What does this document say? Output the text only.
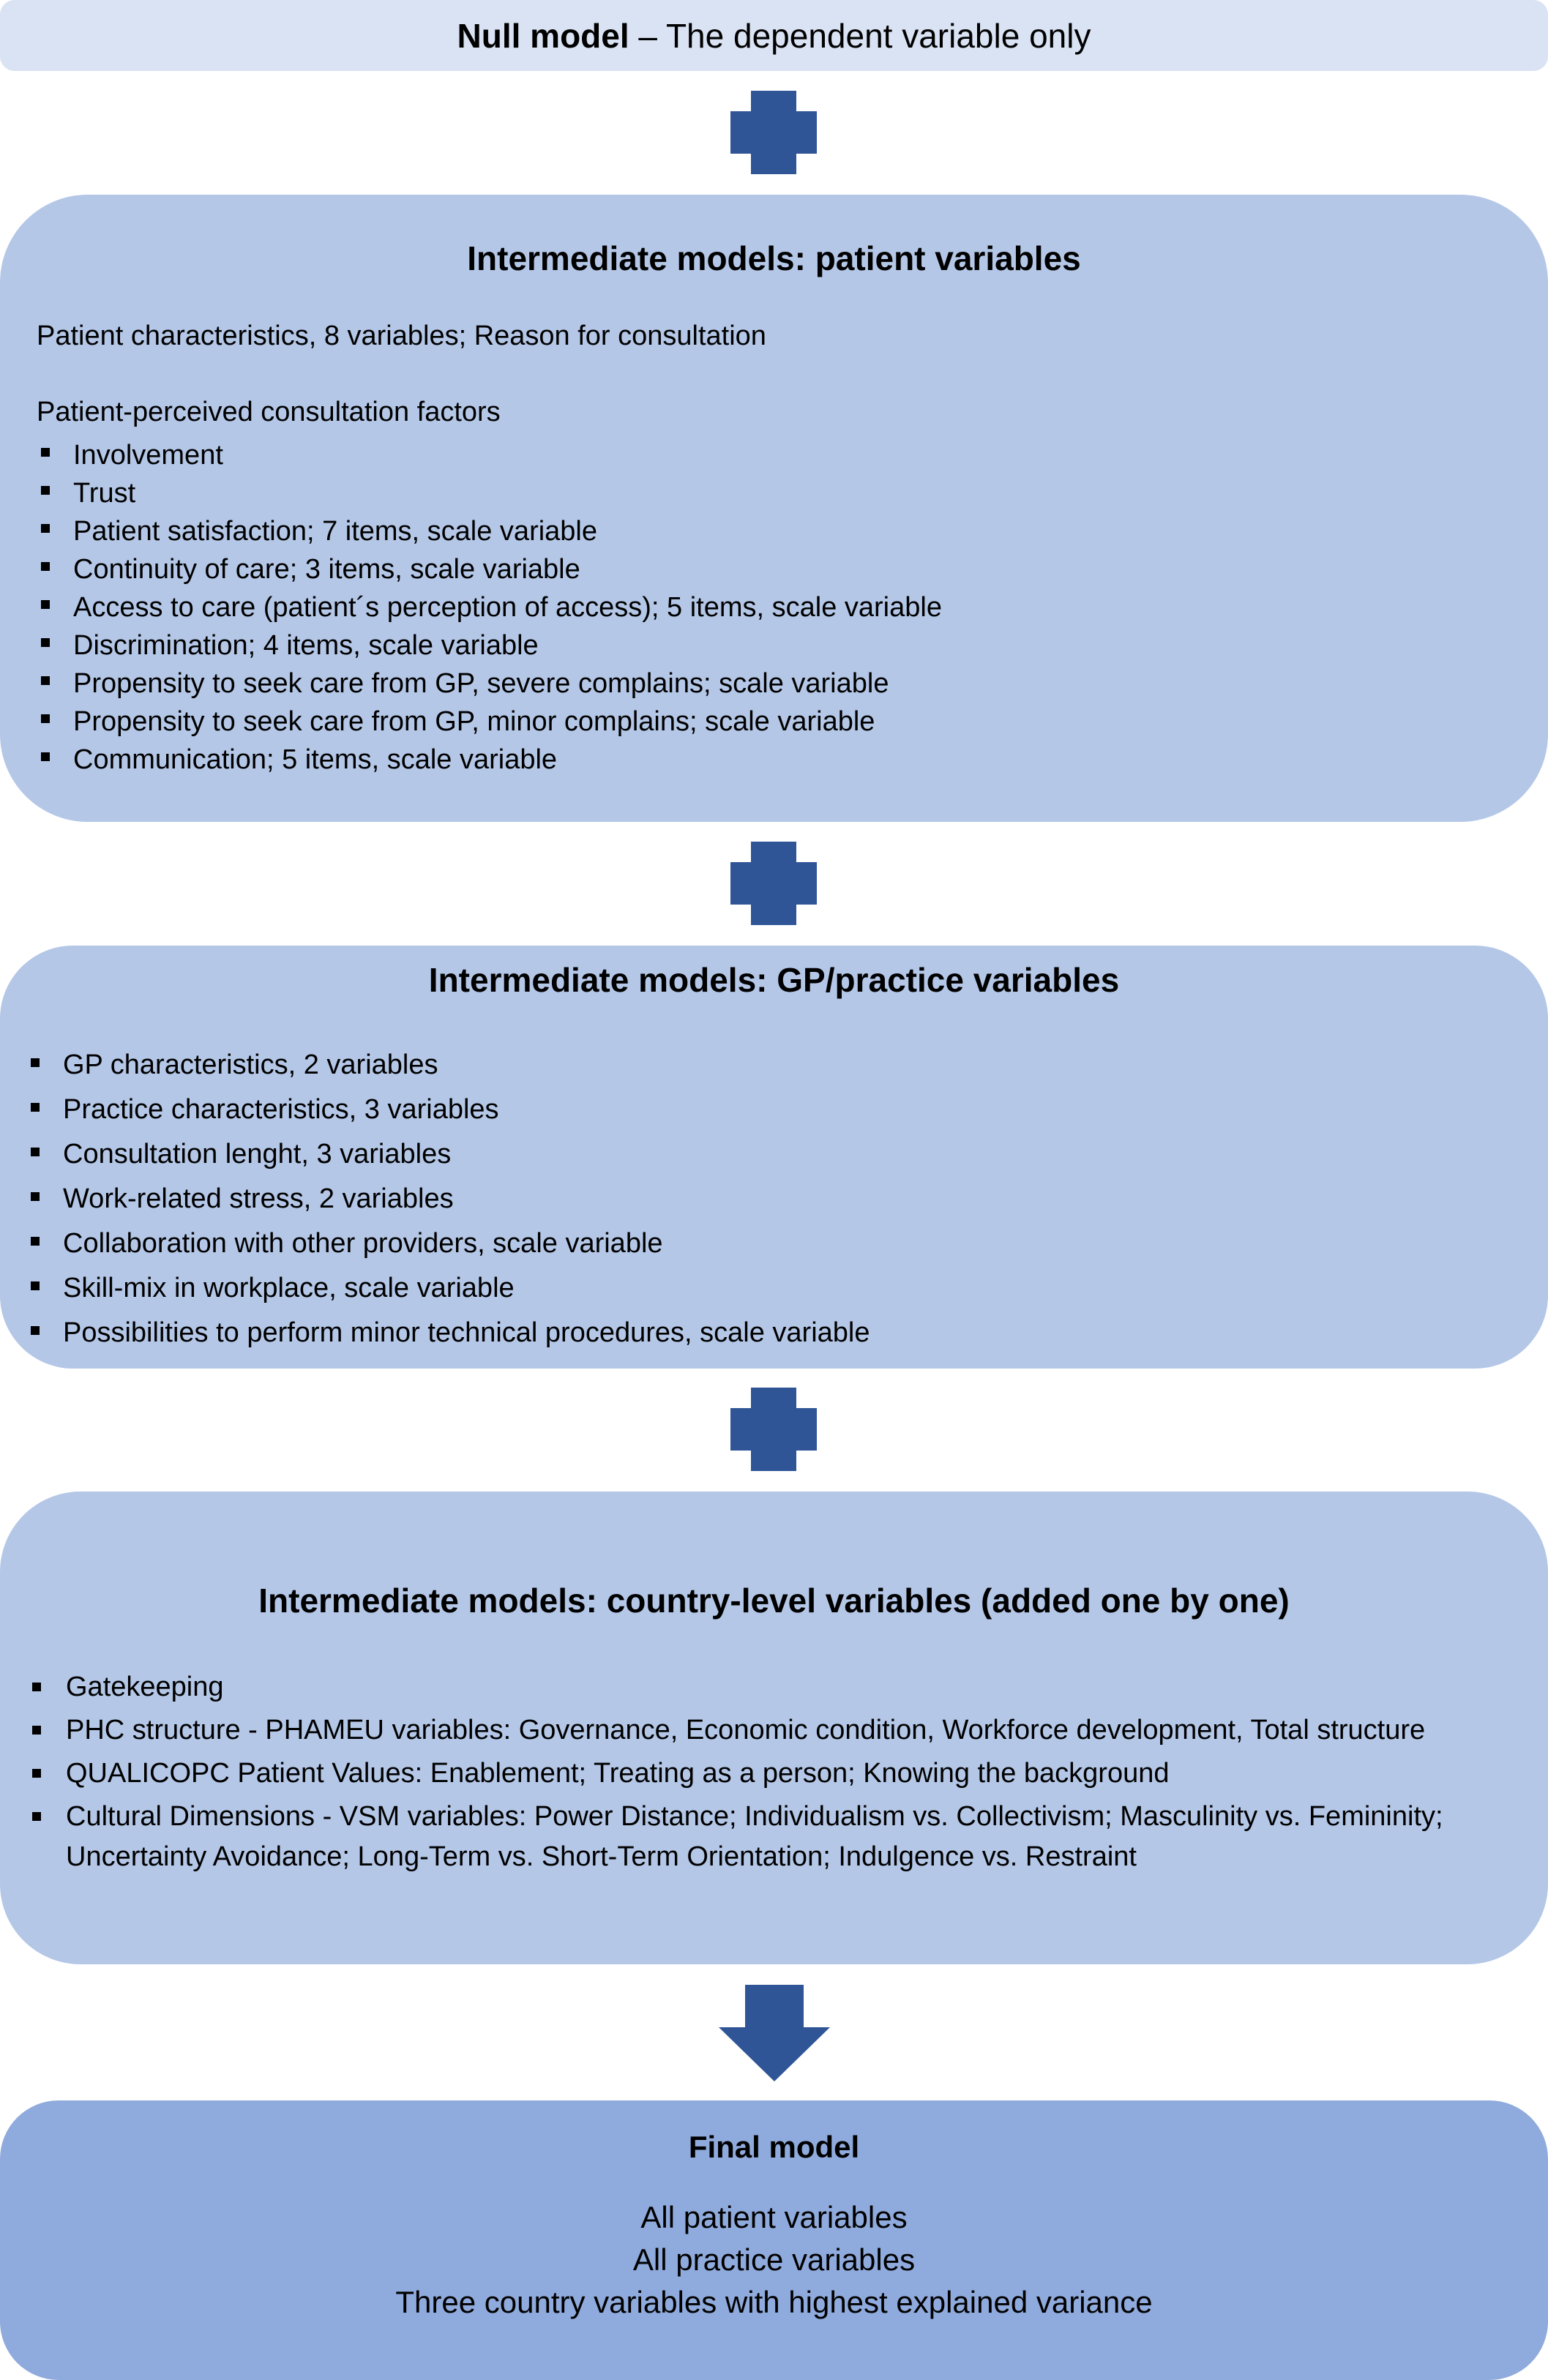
Null model – The dependent variable only
Intermediate models: patient variables
Patient characteristics, 8 variables; Reason for consultation
Patient-perceived consultation factors
Involvement
Trust
Patient satisfaction; 7 items, scale variable
Continuity of care; 3 items, scale variable
Access to care (patient´s perception of access); 5 items, scale variable
Discrimination; 4 items, scale variable
Propensity to seek care from GP, severe complains; scale variable
Propensity to seek care from GP, minor complains; scale variable
Communication; 5 items, scale variable
Intermediate models: GP/practice variables
GP characteristics, 2 variables
Practice characteristics, 3 variables
Consultation lenght, 3 variables
Work-related stress, 2 variables
Collaboration with other providers, scale variable
Skill-mix in workplace, scale variable
Possibilities to perform minor technical procedures, scale variable
Intermediate models: country-level variables (added one by one)
Gatekeeping
PHC structure - PHAMEU variables: Governance, Economic condition, Workforce development, Total structure
QUALICOPC Patient Values: Enablement; Treating as a person; Knowing the background
Cultural Dimensions - VSM variables: Power Distance; Individualism vs. Collectivism; Masculinity vs. Femininity; Uncertainty Avoidance; Long-Term vs. Short-Term Orientation; Indulgence vs. Restraint
Final model
All patient variables
All practice variables
Three country variables with highest explained variance
